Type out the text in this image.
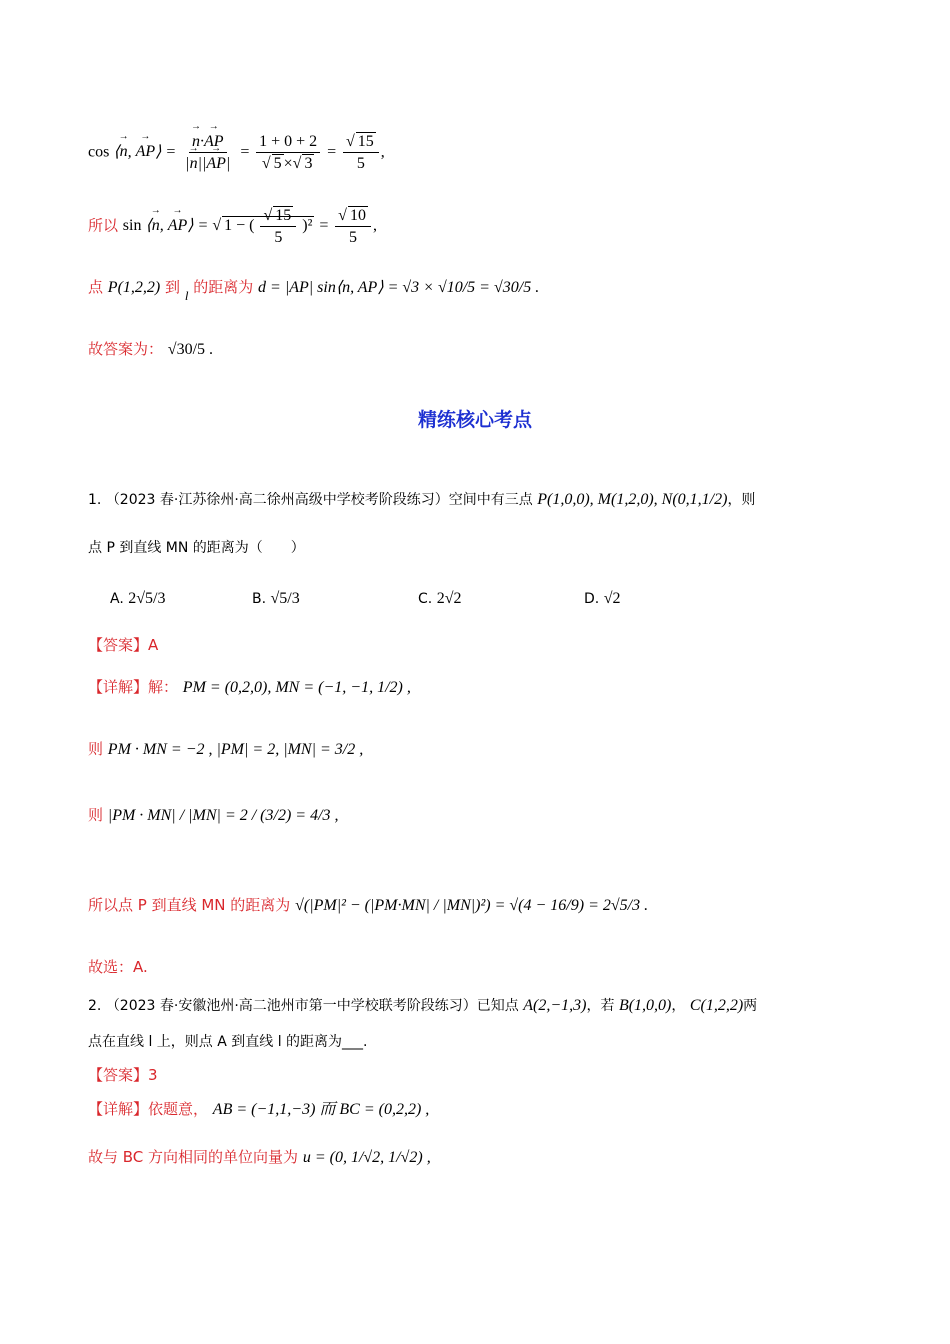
cos ⟨→ n, → AP⟩ =
→ $\frac{n\cdot\to AP}{|\to n||\to AP|} = \frac{1 + 0 + 2}{√ 5 \times√ 3} = \frac{√ 15}{5}$ ,
所以 sin ⟨→ n, → AP⟩ = √ 1 − ( $\frac{√ 15}{5} )^2 = \frac{√ 10}{5}$ ,
点 P(1,2,2) 到 l 的距离为 d = |AP| sin⟨n, AP⟩ = √3 × √10/5 = √30/5 .
故答案为： √30/5 .
精练核心考点
1. （2023 春·江苏徐州·高二徐州高级中学校考阶段练习）空间中有三点 P(1,0,0), M(1,2,0), N(0,1,1/2)，则
点 P 到直线 MN 的距离为（　　）
A. 2√5/3	B. √5/3	C. 2√2	D. √2
【答案】A
【详解】解： PM = (0,2,0), MN = (−1, −1, 1/2) ,
则 PM · MN = −2 , |PM| = 2, |MN| = 3/2 ,
则 |PM · MN| / |MN| = 2 / (3/2) = 4/3 ,
所以点 P 到直线 MN 的距离为 √(|PM|² − (|PM·MN| / |MN|)²) = √(4 − 16/9) = 2√5/3 .
故选：A.
2. （2023 春·安徽池州·高二池州市第一中学校联考阶段练习）已知点 A(2,−1,3)，若 B(1,0,0)， C(1,2,2)两
点在直线 l 上，则点 A 到直线 l 的距离为___.
【答案】3
【详解】依题意， AB = (−1,1,−3) 而 BC = (0,2,2) ,
故与 BC 方向相同的单位向量为 u = (0, 1/√2, 1/√2) ,
